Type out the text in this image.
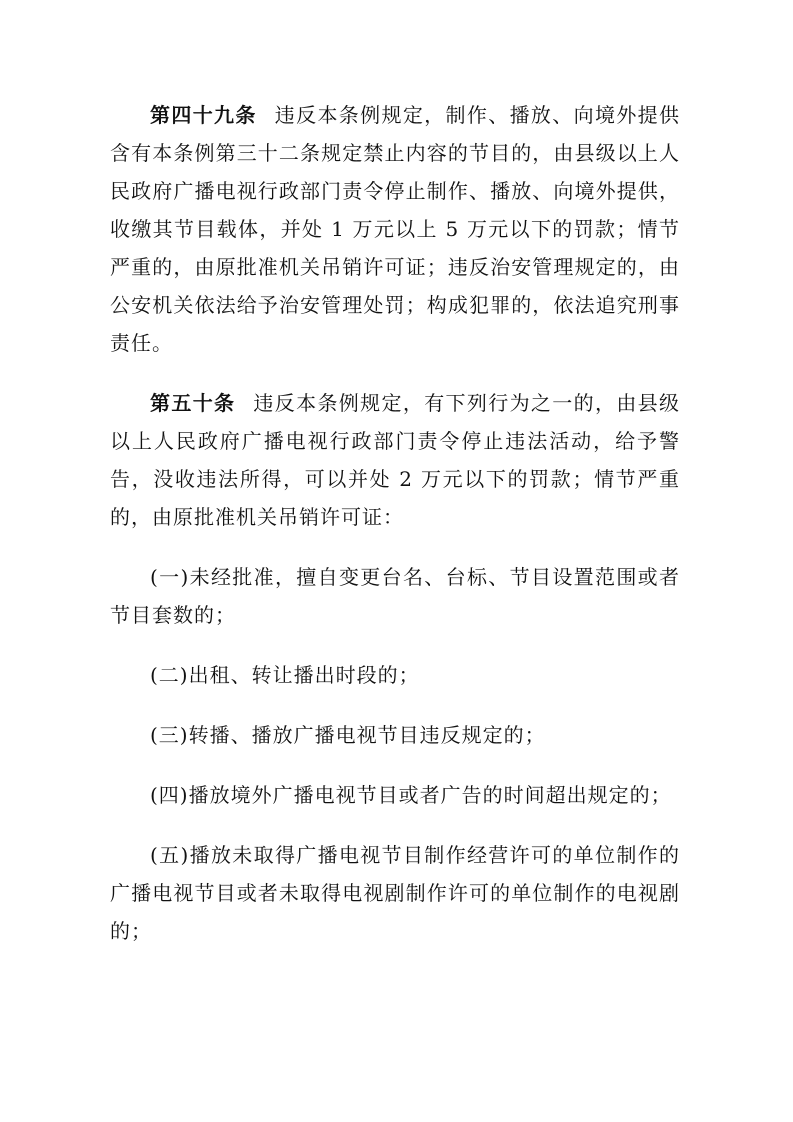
第四十九条 违反本条例规定，制作、播放、向境外提供含有本条例第三十二条规定禁止内容的节目的，由县级以上人民政府广播电视行政部门责令停止制作、播放、向境外提供，收缴其节目载体，并处 1 万元以上 5 万元以下的罚款；情节严重的，由原批准机关吊销许可证；违反治安管理规定的，由公安机关依法给予治安管理处罚；构成犯罪的，依法追究刑事责任。

第五十条 违反本条例规定，有下列行为之一的，由县级以上人民政府广播电视行政部门责令停止违法活动，给予警告，没收违法所得，可以并处 2 万元以下的罚款；情节严重的，由原批准机关吊销许可证：

(一)未经批准，擅自变更台名、台标、节目设置范围或者节目套数的；

(二)出租、转让播出时段的；

(三)转播、播放广播电视节目违反规定的；

(四)播放境外广播电视节目或者广告的时间超出规定的；

(五)播放未取得广播电视节目制作经营许可的单位制作的广播电视节目或者未取得电视剧制作许可的单位制作的电视剧的；
